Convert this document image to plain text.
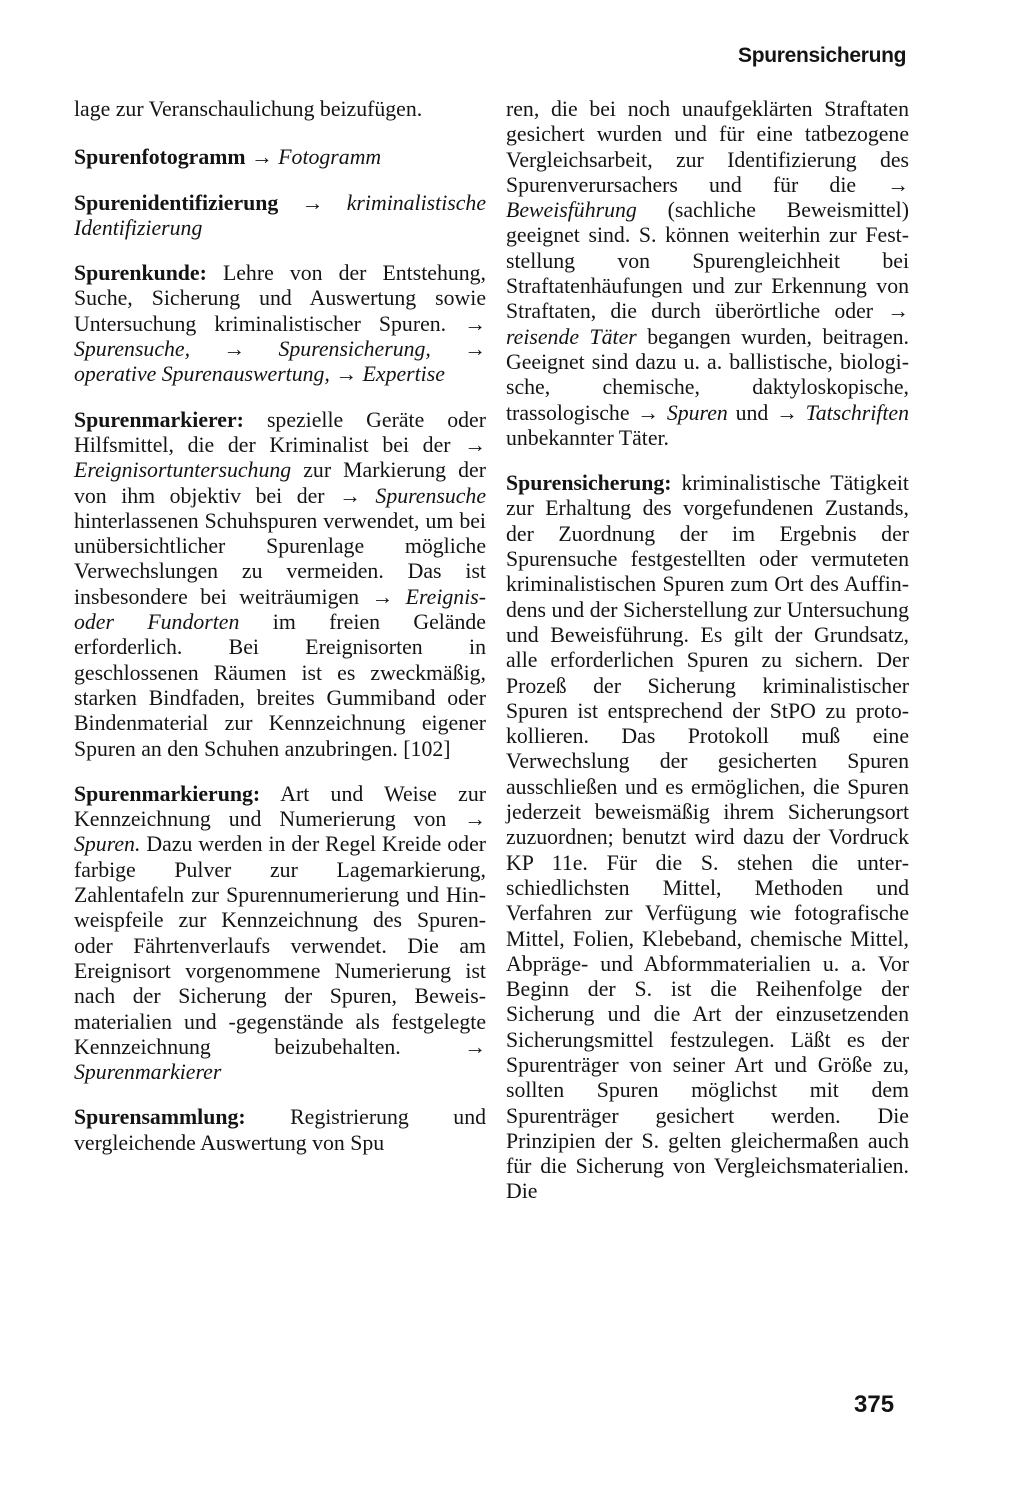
Spurensicherung

lage zur Veranschaulichung beizufügen.

Spurenfotogramm → Fotogramm

Spurenidentifizierung → kriminalistische Identifizierung

Spurenkunde: Lehre von der Entstehung, Suche, Sicherung und Auswertung sowie Untersuchung kriminalistischer Spuren. → Spurensuche, → Spurensicherung, → operative Spurenauswertung, → Expertise

Spurenmarkierer: spezielle Geräte oder Hilfsmittel, die der Kriminalist bei der → Ereignisortuntersuchung zur Markierung der von ihm objektiv bei der → Spurensuche hinterlassenen Schuhspuren verwendet, um bei unübersichtlicher Spurenlage mögliche Verwechslungen zu vermeiden. Das ist insbesondere bei weiträumigen → Ereignis- oder Fundorten im freien Gelände erforderlich. Bei Ereignisorten in geschlossenen Räumen ist es zweckmäßig, starken Bindfaden, breites Gummiband oder Bindenmaterial zur Kennzeichnung eigener Spuren an den Schuhen anzubringen. [102]

Spurenmarkierung: Art und Weise zur Kennzeichnung und Numerierung von → Spuren. Dazu werden in der Regel Kreide oder farbige Pulver zur Lagemarkierung, Zahlentafeln zur Spurennumerierung und Hinweispfeile zur Kennzeichnung des Spuren- oder Fährtenverlaufs verwendet. Die am Ereignisort vorgenommene Numerierung ist nach der Sicherung der Spuren, Beweismaterialien und -gegenstände als festgelegte Kennzeichnung beizubehalten.	→ Spurenmarkierer

Spurensammlung: Registrierung und vergleichende Auswertung von Spu

ren, die bei noch unaufgeklärten Straftaten gesichert wurden und für eine tatbezogene Vergleichsarbeit, zur Identifizierung des Spurenverursachers und für die → Beweisführung (sachliche Beweismittel) geeignet sind. S. können weiterhin zur Feststellung von Spurengleichheit bei Straftatenhäufungen und zur Erkennung von Straftaten, die durch überörtliche oder → reisende Täter begangen wurden, beitragen. Geeignet sind dazu u. a. ballistische, biologische, chemische, daktyloskopische, trassologische → Spuren und → Tatschriften unbekannter Täter.

Spurensicherung: kriminalistische Tätigkeit zur Erhaltung des vorgefundenen Zustands, der Zuordnung der im Ergebnis der Spurensuche festgestellten oder vermuteten kriminalistischen Spuren zum Ort des Auffindens und der Sicherstellung zur Untersuchung und Beweisführung. Es gilt der Grundsatz, alle erforderlichen Spuren zu sichern. Der Prozeß der Sicherung kriminalistischer Spuren ist entsprechend der StPO zu protokollieren. Das Protokoll muß eine Verwechslung der gesicherten Spuren ausschließen und es ermöglichen, die Spuren jederzeit beweismäßig ihrem Sicherungsort zuzuordnen; benutzt wird dazu der Vordruck KP 11e. Für die S. stehen die unterschiedlichsten Mittel, Methoden und Verfahren zur Verfügung wie fotografische Mittel, Folien, Klebeband, chemische Mittel, Abpräge- und Abformmaterialien u. a. Vor Beginn der S. ist die Reihenfolge der Sicherung und die Art der einzusetzenden Sicherungsmittel festzulegen. Läßt es der Spurenträger von seiner Art und Größe zu, sollten Spuren möglichst mit dem Spurenträger gesichert werden. Die Prinzipien der S. gelten gleichermaßen auch für die Sicherung von Vergleichsmaterialien. Die

375
